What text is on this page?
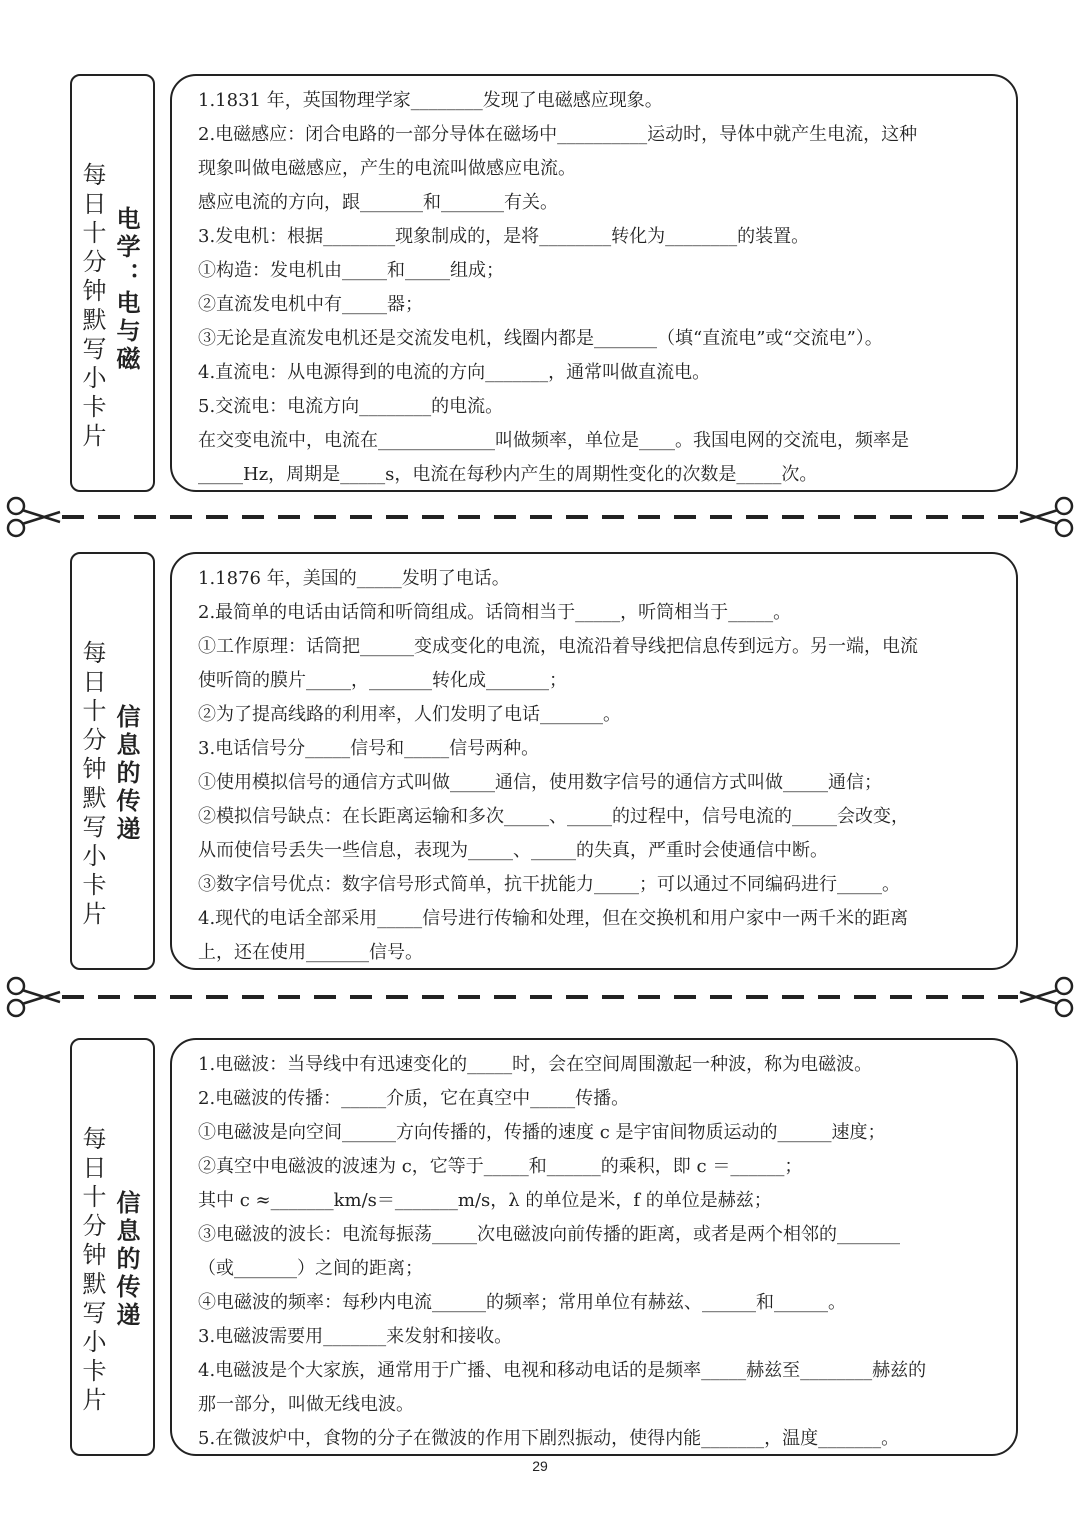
每日十分钟默写小卡片 电学：电与磁
1.1831 年，英国物理学家________发现了电磁感应现象。
2.电磁感应：闭合电路的一部分导体在磁场中__________运动时，导体中就产生电流，这种
现象叫做电磁感应，产生的电流叫做感应电流。
感应电流的方向，跟_______和_______有关。
3.发电机：根据________现象制成的，是将________转化为________的装置。
①构造：发电机由_____和_____组成；
②直流发电机中有_____器；
③无论是直流发电机还是交流发电机，线圈内都是_______（填“直流电”或“交流电”）。
4.直流电：从电源得到的电流的方向_______，通常叫做直流电。
5.交流电：电流方向________的电流。
在交变电流中，电流在_____________叫做频率，单位是____。我国电网的交流电，频率是
_____Hz，周期是_____s，电流在每秒内产生的周期性变化的次数是_____次。
每日十分钟默写小卡片 信息的传递
1.1876 年，美国的_____发明了电话。
2.最简单的电话由话筒和听筒组成。话筒相当于_____，听筒相当于_____。
①工作原理：话筒把______变成变化的电流，电流沿着导线把信息传到远方。另一端，电流
使听筒的膜片_____，_______转化成_______；
②为了提高线路的利用率，人们发明了电话_______。
3.电话信号分_____信号和_____信号两种。
①使用模拟信号的通信方式叫做_____通信，使用数字信号的通信方式叫做_____通信；
②模拟信号缺点：在长距离运输和多次_____、_____的过程中，信号电流的_____会改变，
从而使信号丢失一些信息，表现为_____、_____的失真，严重时会使通信中断。
③数字信号优点：数字信号形式简单，抗干扰能力_____；可以通过不同编码进行_____。
4.现代的电话全部采用_____信号进行传输和处理，但在交换机和用户家中一两千米的距离
上，还在使用_______信号。
每日十分钟默写小卡片 信息的传递
1.电磁波：当导线中有迅速变化的_____时，会在空间周围激起一种波，称为电磁波。
2.电磁波的传播：_____介质，它在真空中_____传播。
①电磁波是向空间______方向传播的，传播的速度 c 是宇宙间物质运动的______速度；
②真空中电磁波的波速为 c，它等于_____和______的乘积，即 c ＝______；
其中 c ≈_______km/s＝_______m/s，λ 的单位是米，f 的单位是赫兹；
③电磁波的波长：电流每振荡_____次电磁波向前传播的距离，或者是两个相邻的_______
（或_______）之间的距离；
④电磁波的频率：每秒内电流______的频率；常用单位有赫兹、______和______。
3.电磁波需要用_______来发射和接收。
4.电磁波是个大家族，通常用于广播、电视和移动电话的是频率_____赫兹至________赫兹的
那一部分，叫做无线电波。
5.在微波炉中，食物的分子在微波的作用下剧烈振动，使得内能_______，温度_______。
29
